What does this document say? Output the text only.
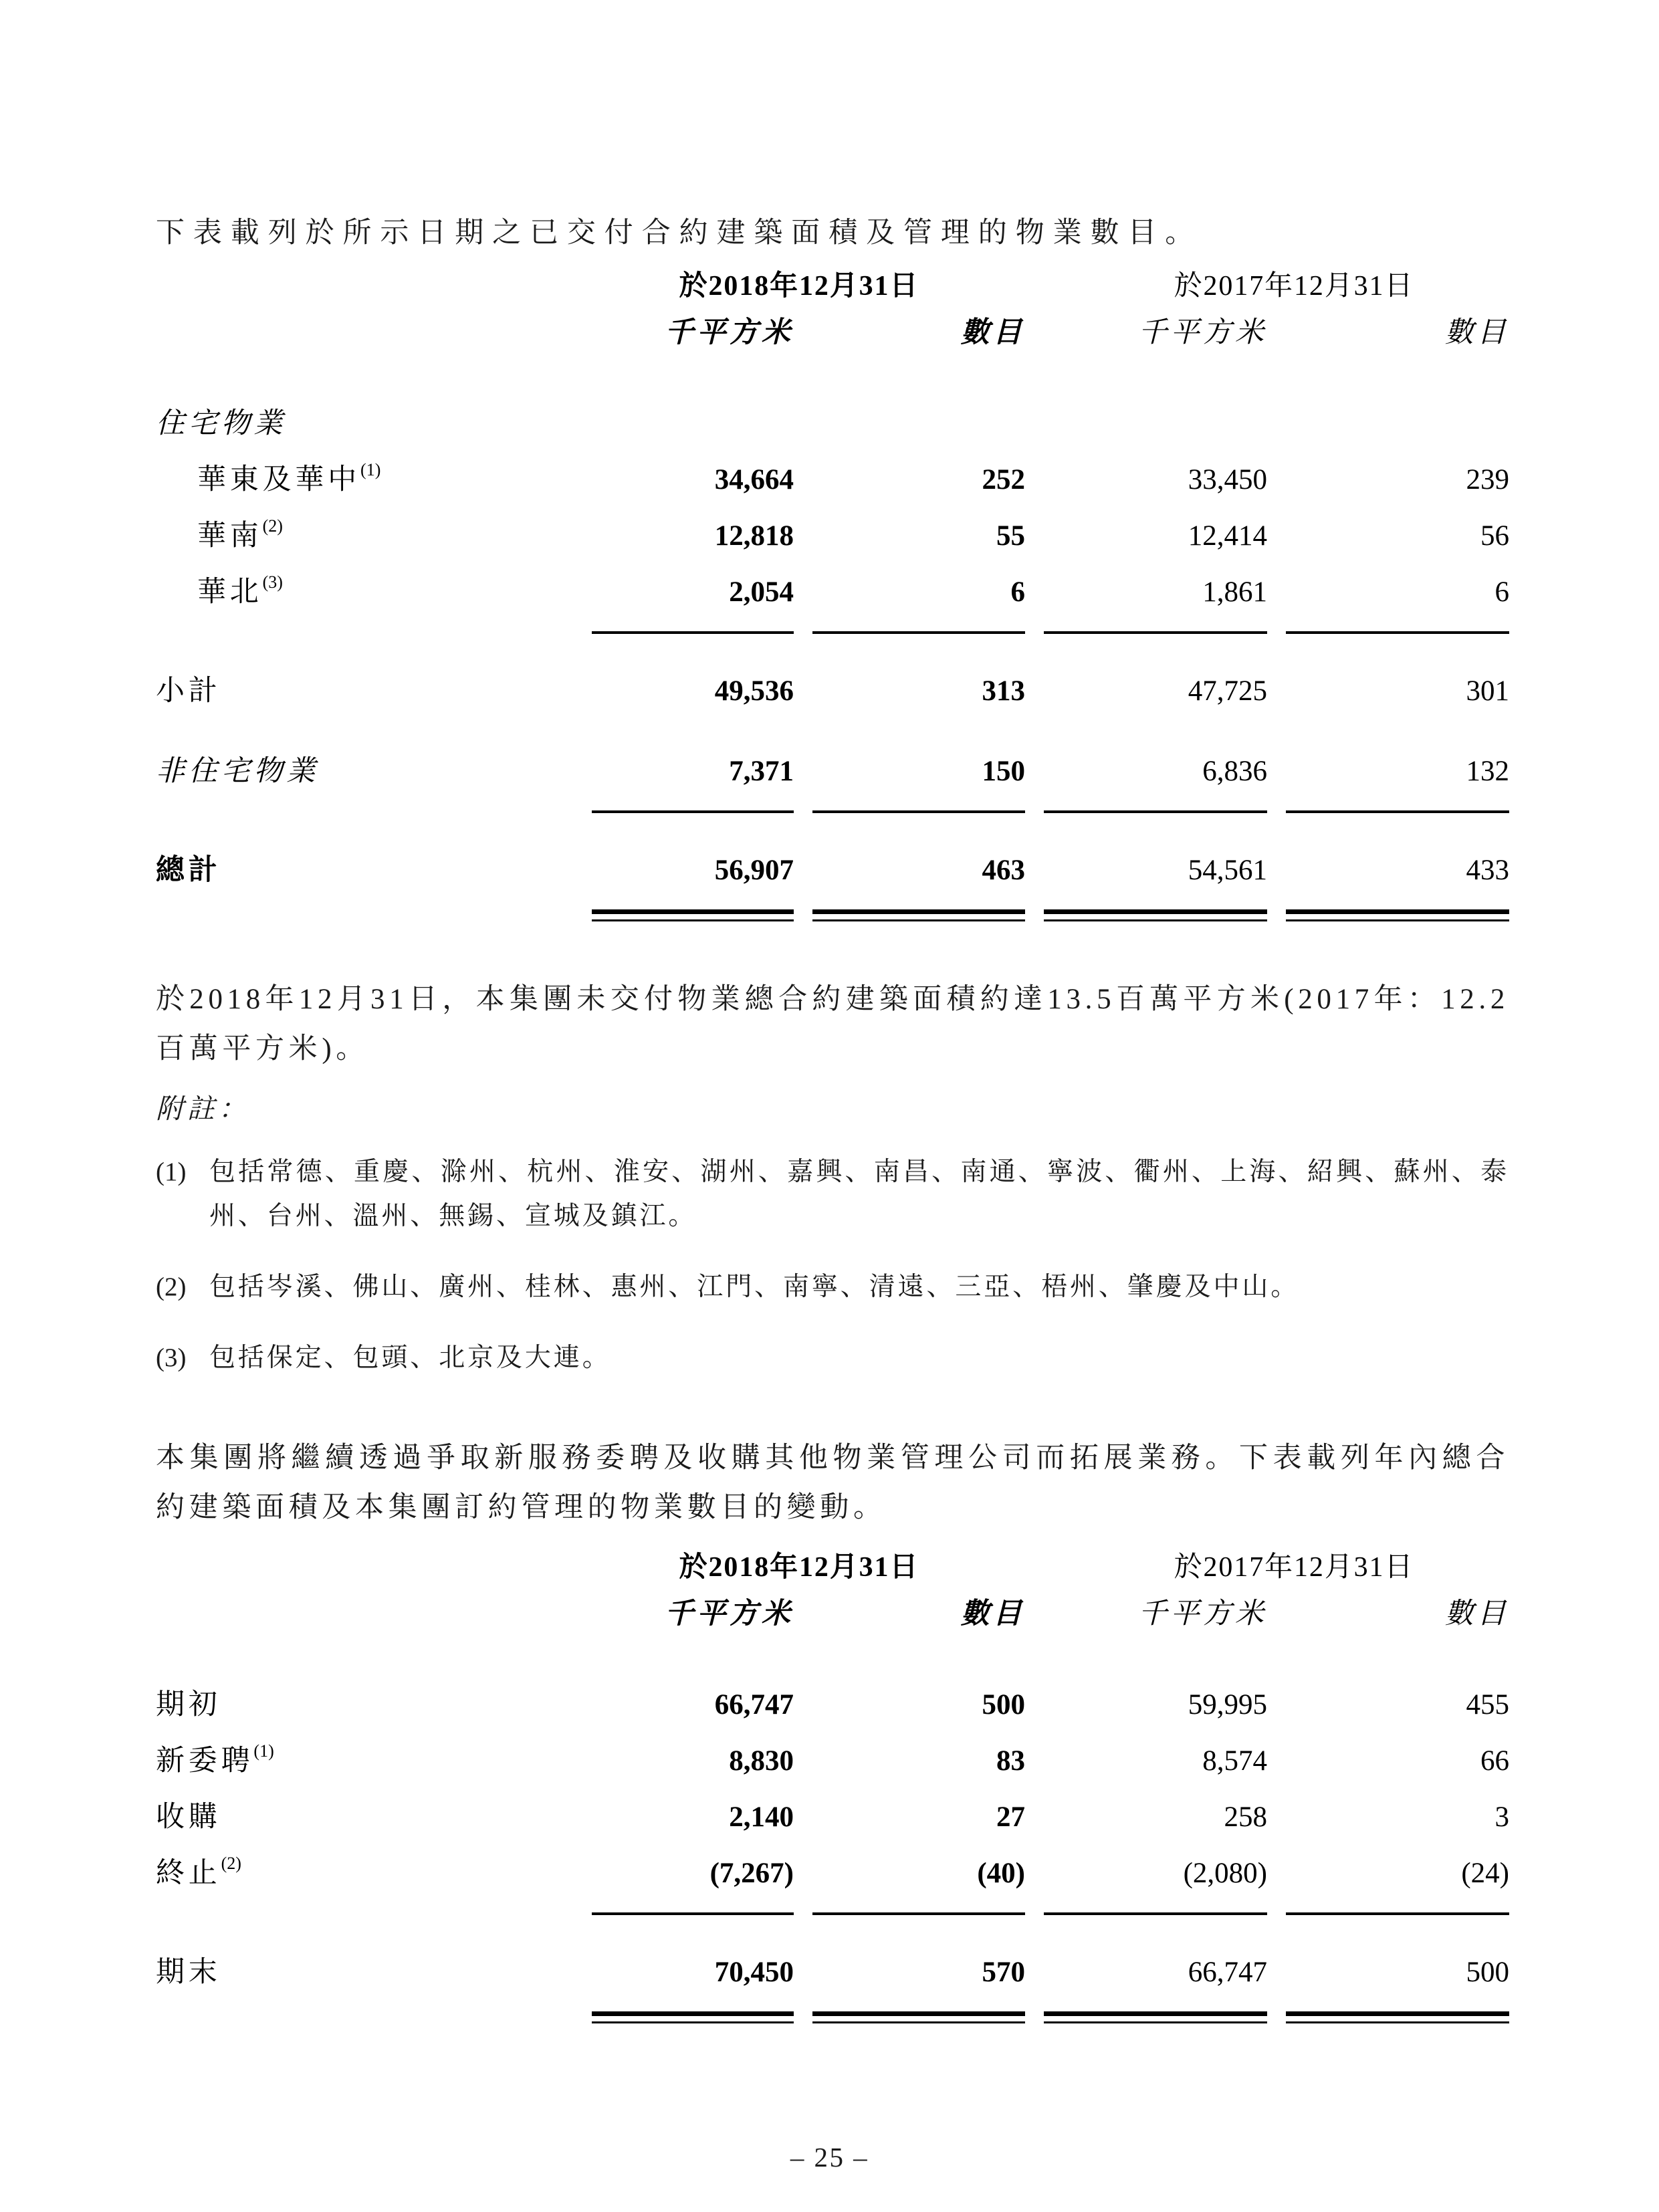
下表載列於所示日期之已交付合約建築面積及管理的物業數目。

	於2018年12月31日		於2017年12月31日	
	千平方米	數目	千平方米	數目

住宅物業				
華東及華中$^{(1)}$	34,664	252	33,450	239
華南$^{(2)}$	12,818	55	12,414	56
華北$^{(3)}$	2,054	6	1,861	6

小計	49,536	313	47,725	301

非住宅物業	7,371	150	6,836	132

總計	56,907	463	54,561	433

於2018年12月31日，本集團未交付物業總合約建築面積約達13.5百萬平方米(2017年：12.2百萬平方米)。

附註：
(1) 包括常德、重慶、滁州、杭州、淮安、湖州、嘉興、南昌、南通、寧波、衢州、上海、紹興、蘇州、泰州、台州、溫州、無錫、宣城及鎮江。
(2) 包括岑溪、佛山、廣州、桂林、惠州、江門、南寧、清遠、三亞、梧州、肇慶及中山。
(3) 包括保定、包頭、北京及大連。

本集團將繼續透過爭取新服務委聘及收購其他物業管理公司而拓展業務。下表載列年內總合約建築面積及本集團訂約管理的物業數目的變動。

	於2018年12月31日		於2017年12月31日	
	千平方米	數目	千平方米	數目

期初	66,747	500	59,995	455
新委聘$^{(1)}$	8,830	83	8,574	66
收購	2,140	27	258	3
終止$^{(2)}$	(7,267)	(40)	(2,080)	(24)

期末	70,450	570	66,747	500

– 25 –
